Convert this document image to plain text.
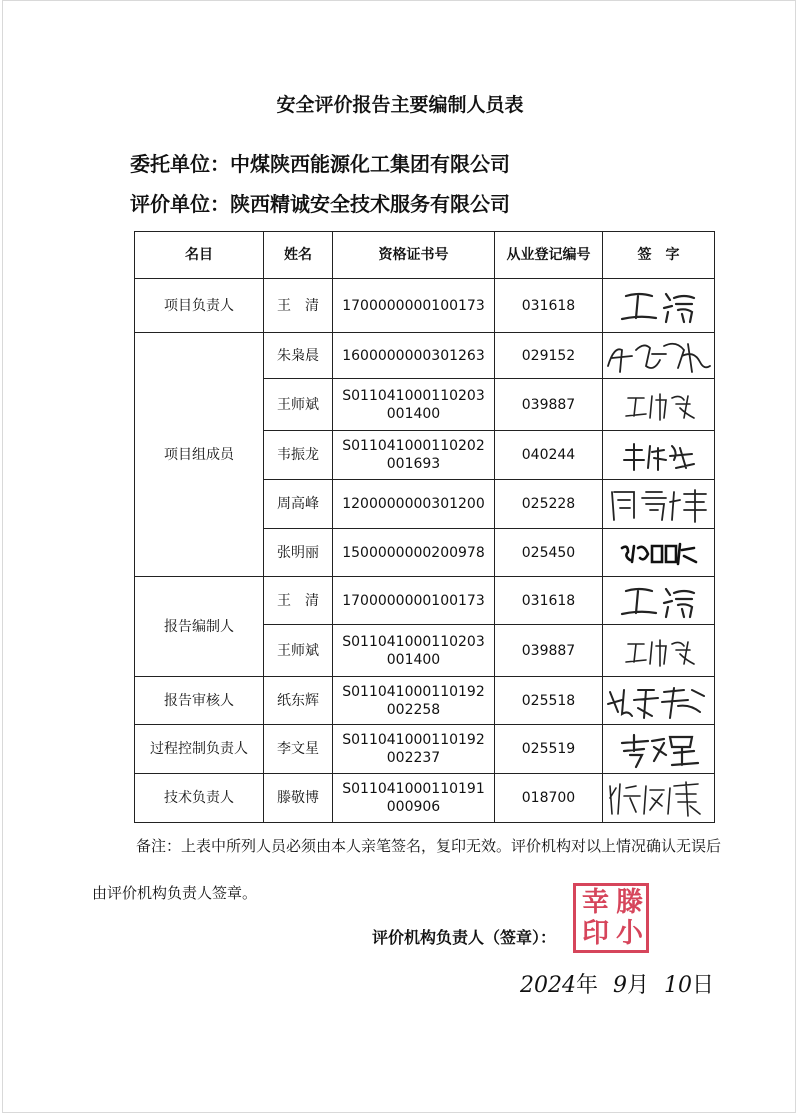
安全评价报告主要编制人员表
委托单位：中煤陕西能源化工集团有限公司
评价单位：陕西精诚安全技术服务有限公司
名目	姓名	资格证书号	从业登记编号	签　字
项目负责人	王　清	1700000000100173	031618	

项目组成员	朱枭晨	1600000000301263	029152	

	王师斌	S011041000110203001400	039887	

	韦振龙	S011041000110202001693	040244	

	周高峰	1200000000301200	025228	

	张明丽	1500000000200978	025450	

报告编制人	王　清	1700000000100173	031618	

	王师斌	S011041000110203001400	039887	

报告审核人	纸东辉	S011041000110192002258	025518	

过程控制负责人	李文星	S011041000110192002237	025519	

技术负责人	滕敬博	S011041000110191000906	018700	
备注：上表中所列人员必须由本人亲笔签名，复印无效。评价机构对以上情况确认无误后由评价机构负责人签章。
评价机构负责人（签章）：
幸 滕
印 小
2024年 9月 10日
